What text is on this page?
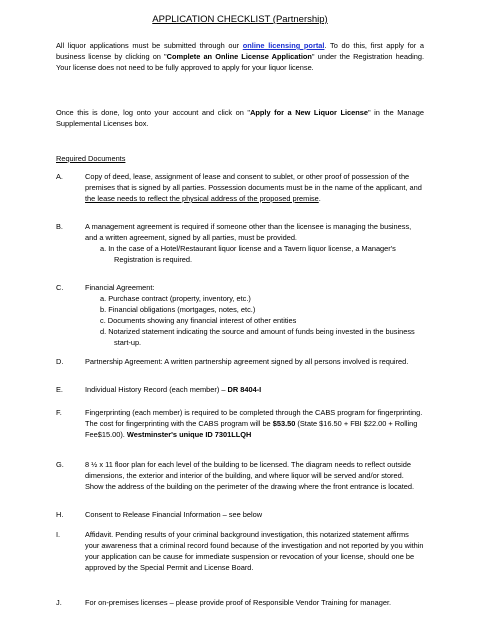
APPLICATION CHECKLIST (Partnership)
All liquor applications must be submitted through our online licensing portal. To do this, first apply for a business license by clicking on "Complete an Online License Application" under the Registration heading. Your license does not need to be fully approved to apply for your liquor license.
Once this is done, log onto your account and click on "Apply for a New Liquor License" in the Manage Supplemental Licenses box.
Required Documents
A.	Copy of deed, lease, assignment of lease and consent to sublet, or other proof of possession of the premises that is signed by all parties. Possession documents must be in the name of the applicant, and the lease needs to reflect the physical address of the proposed premise.
B.	A management agreement is required if someone other than the licensee is managing the business, and a written agreement, signed by all parties, must be provided.
a. In the case of a Hotel/Restaurant liquor license and a Tavern liquor license, a Manager's Registration is required.
C.	Financial Agreement:
a. Purchase contract (property, inventory, etc.)
b. Financial obligations (mortgages, notes, etc.)
c. Documents showing any financial interest of other entities
d. Notarized statement indicating the source and amount of funds being invested in the business start-up.
D.	Partnership Agreement: A written partnership agreement signed by all persons involved is required.
E.	Individual History Record (each member) – DR 8404-I
F.	Fingerprinting (each member) is required to be completed through the CABS program for fingerprinting. The cost for fingerprinting with the CABS program will be $53.50 (State $16.50 + FBI $22.00 + Rolling Fee$15.00). Westminster's unique ID 7301LLQH
G.	8 ½ x 11 floor plan for each level of the building to be licensed. The diagram needs to reflect outside dimensions, the exterior and interior of the building, and where liquor will be served and/or stored. Show the address of the building on the perimeter of the drawing where the front entrance is located.
H.	Consent to Release Financial Information – see below
I.	Affidavit. Pending results of your criminal background investigation, this notarized statement affirms your awareness that a criminal record found because of the investigation and not reported by you within your application can be cause for immediate suspension or revocation of your license, should one be approved by the Special Permit and License Board.
J.	For on-premises licenses – please provide proof of Responsible Vendor Training for manager.
